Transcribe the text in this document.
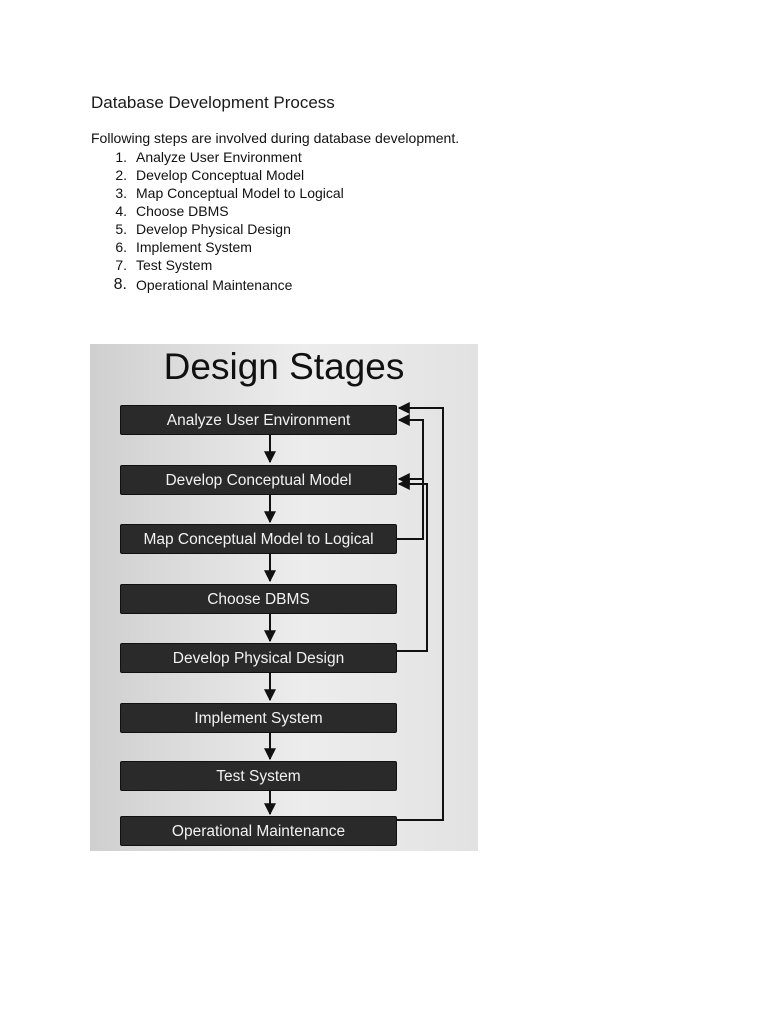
Database Development Process

Following steps are involved during database development.

1. Analyze User Environment
2. Develop Conceptual Model
3. Map Conceptual Model to Logical
4. Choose DBMS
5. Develop Physical Design
6. Implement System
7. Test System
8. Operational Maintenance
Design Stages
Analyze User Environment
Develop Conceptual Model
Map Conceptual Model to Logical
Choose DBMS
Develop Physical Design
Implement System
Test System
Operational Maintenance
